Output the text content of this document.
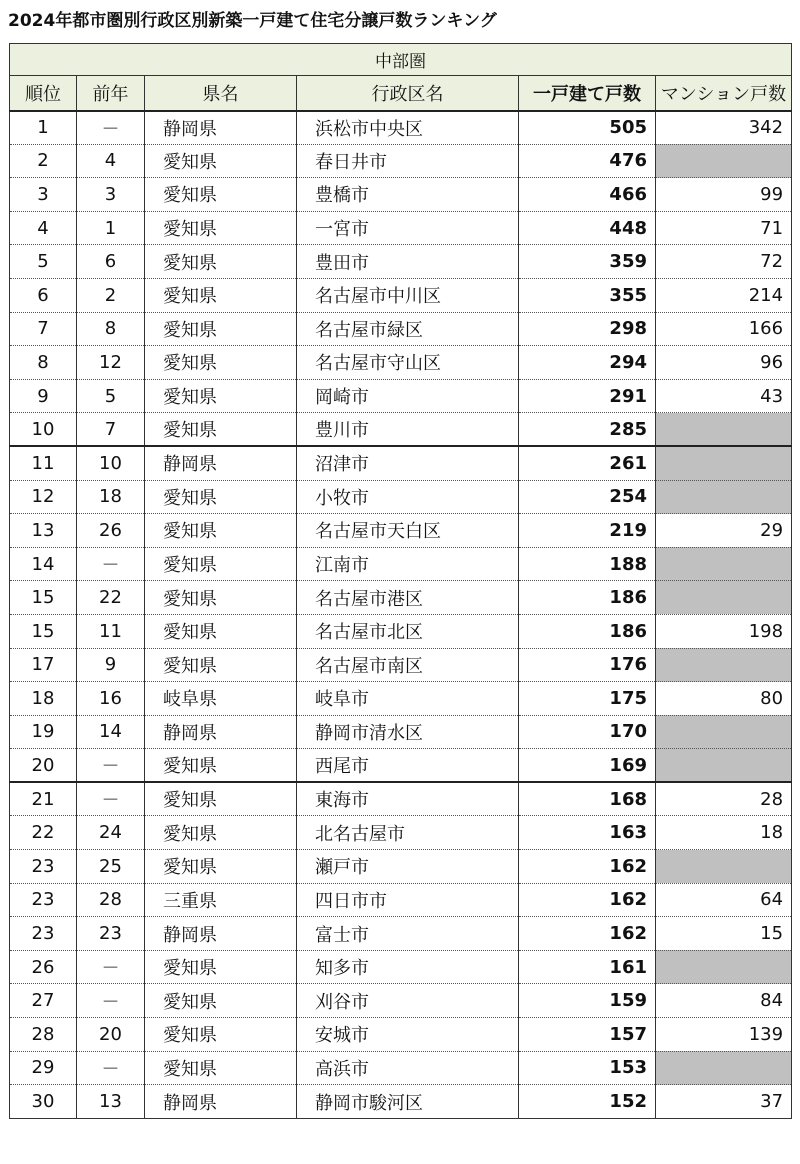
2024年都市圏別行政区別新築一戸建て住宅分譲戸数ランキング
中部圏					
順位	前年	県名	行政区名	一戸建て戸数	マンション戸数
1	－	静岡県	浜松市中央区	505	342
2	4	愛知県	春日井市	476	
3	3	愛知県	豊橋市	466	99
4	1	愛知県	一宮市	448	71
5	6	愛知県	豊田市	359	72
6	2	愛知県	名古屋市中川区	355	214
7	8	愛知県	名古屋市緑区	298	166
8	12	愛知県	名古屋市守山区	294	96
9	5	愛知県	岡崎市	291	43
10	7	愛知県	豊川市	285	
11	10	静岡県	沼津市	261	
12	18	愛知県	小牧市	254	
13	26	愛知県	名古屋市天白区	219	29
14	－	愛知県	江南市	188	
15	22	愛知県	名古屋市港区	186	
15	11	愛知県	名古屋市北区	186	198
17	9	愛知県	名古屋市南区	176	
18	16	岐阜県	岐阜市	175	80
19	14	静岡県	静岡市清水区	170	
20	－	愛知県	西尾市	169	
21	－	愛知県	東海市	168	28
22	24	愛知県	北名古屋市	163	18
23	25	愛知県	瀬戸市	162	
23	28	三重県	四日市市	162	64
23	23	静岡県	富士市	162	15
26	－	愛知県	知多市	161	
27	－	愛知県	刈谷市	159	84
28	20	愛知県	安城市	157	139
29	－	愛知県	高浜市	153	
30	13	静岡県	静岡市駿河区	152	37
